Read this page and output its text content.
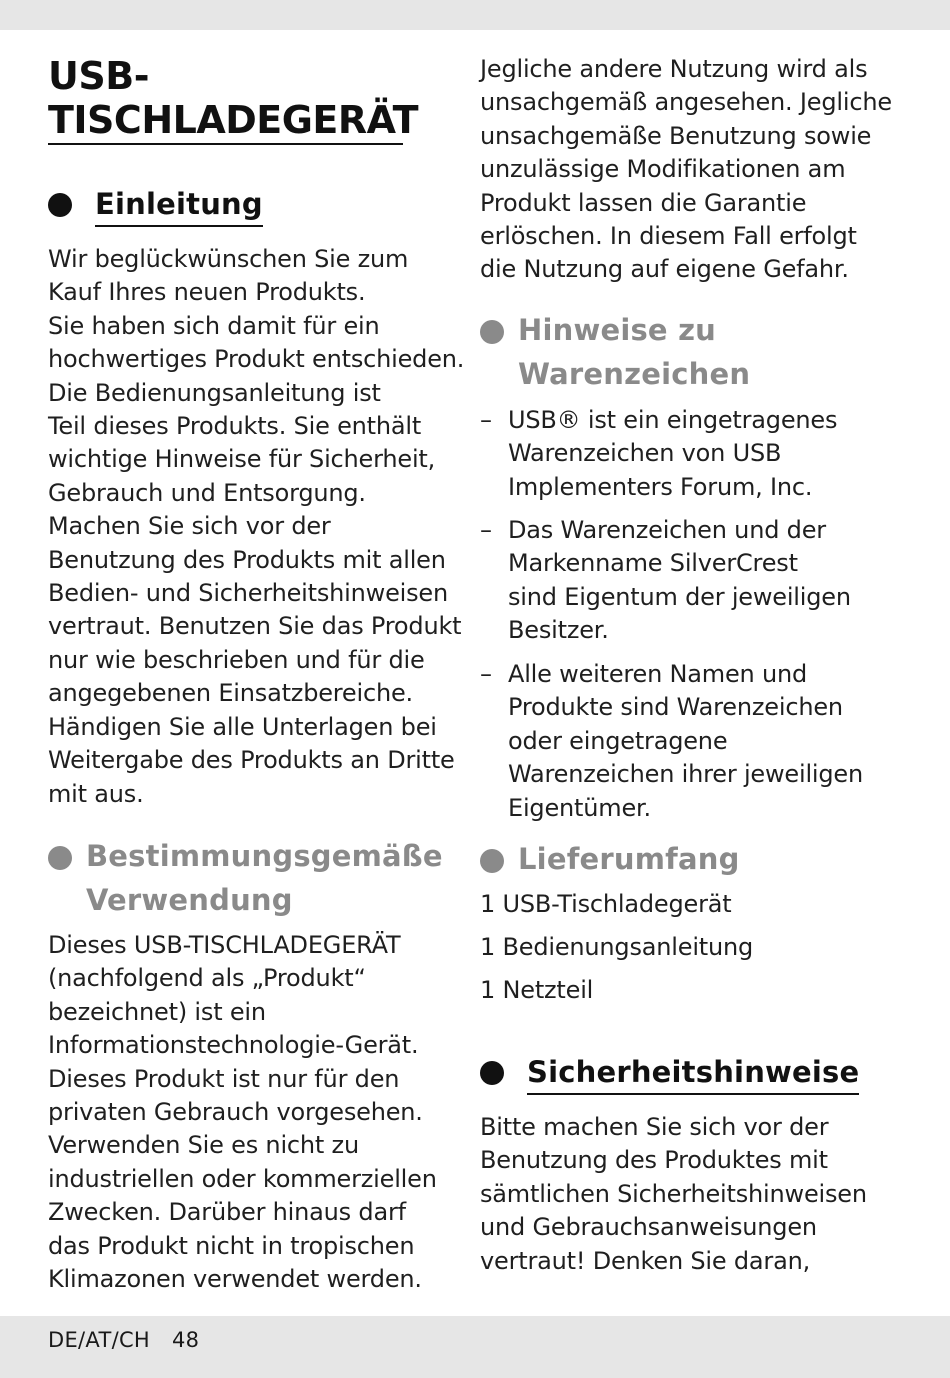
USB-
TISCHLADEGERÄT
Einleitung
Wir beglückwünschen Sie zum
Kauf Ihres neuen Produkts.
Sie haben sich damit für ein
hochwertiges Produkt entschieden.
Die Bedienungsanleitung ist
Teil dieses Produkts. Sie enthält
wichtige Hinweise für Sicherheit,
Gebrauch und Entsorgung.
Machen Sie sich vor der
Benutzung des Produkts mit allen
Bedien- und Sicherheitshinweisen
vertraut. Benutzen Sie das Produkt
nur wie beschrieben und für die
angegebenen Einsatzbereiche.
Händigen Sie alle Unterlagen bei
Weitergabe des Produkts an Dritte
mit aus.
Bestimmungsgemäße
Verwendung
Dieses USB-TISCHLADEGERÄT
(nachfolgend als „Produkt“
bezeichnet) ist ein
Informationstechnologie-Gerät.
Dieses Produkt ist nur für den
privaten Gebrauch vorgesehen.
Verwenden Sie es nicht zu
industriellen oder kommerziellen
Zwecken. Darüber hinaus darf
das Produkt nicht in tropischen
Klimazonen verwendet werden.
Jegliche andere Nutzung wird als
unsachgemäß angesehen. Jegliche
unsachgemäße Benutzung sowie
unzulässige Modifikationen am
Produkt lassen die Garantie
erlöschen. In diesem Fall erfolgt
die Nutzung auf eigene Gefahr.
Hinweise zu
Warenzeichen
– USB® ist ein eingetragenes
Warenzeichen von USB
Implementers Forum, Inc.
– Das Warenzeichen und der
Markenname SilverCrest
sind Eigentum der jeweiligen
Besitzer.
– Alle weiteren Namen und
Produkte sind Warenzeichen
oder eingetragene
Warenzeichen ihrer jeweiligen
Eigentümer.
Lieferumfang
1 USB-Tischladegerät
1 Bedienungsanleitung
1 Netzteil
Sicherheitshinweise
Bitte machen Sie sich vor der
Benutzung des Produktes mit
sämtlichen Sicherheitshinweisen
und Gebrauchsanweisungen
vertraut! Denken Sie daran,
DE/AT/CH 48
